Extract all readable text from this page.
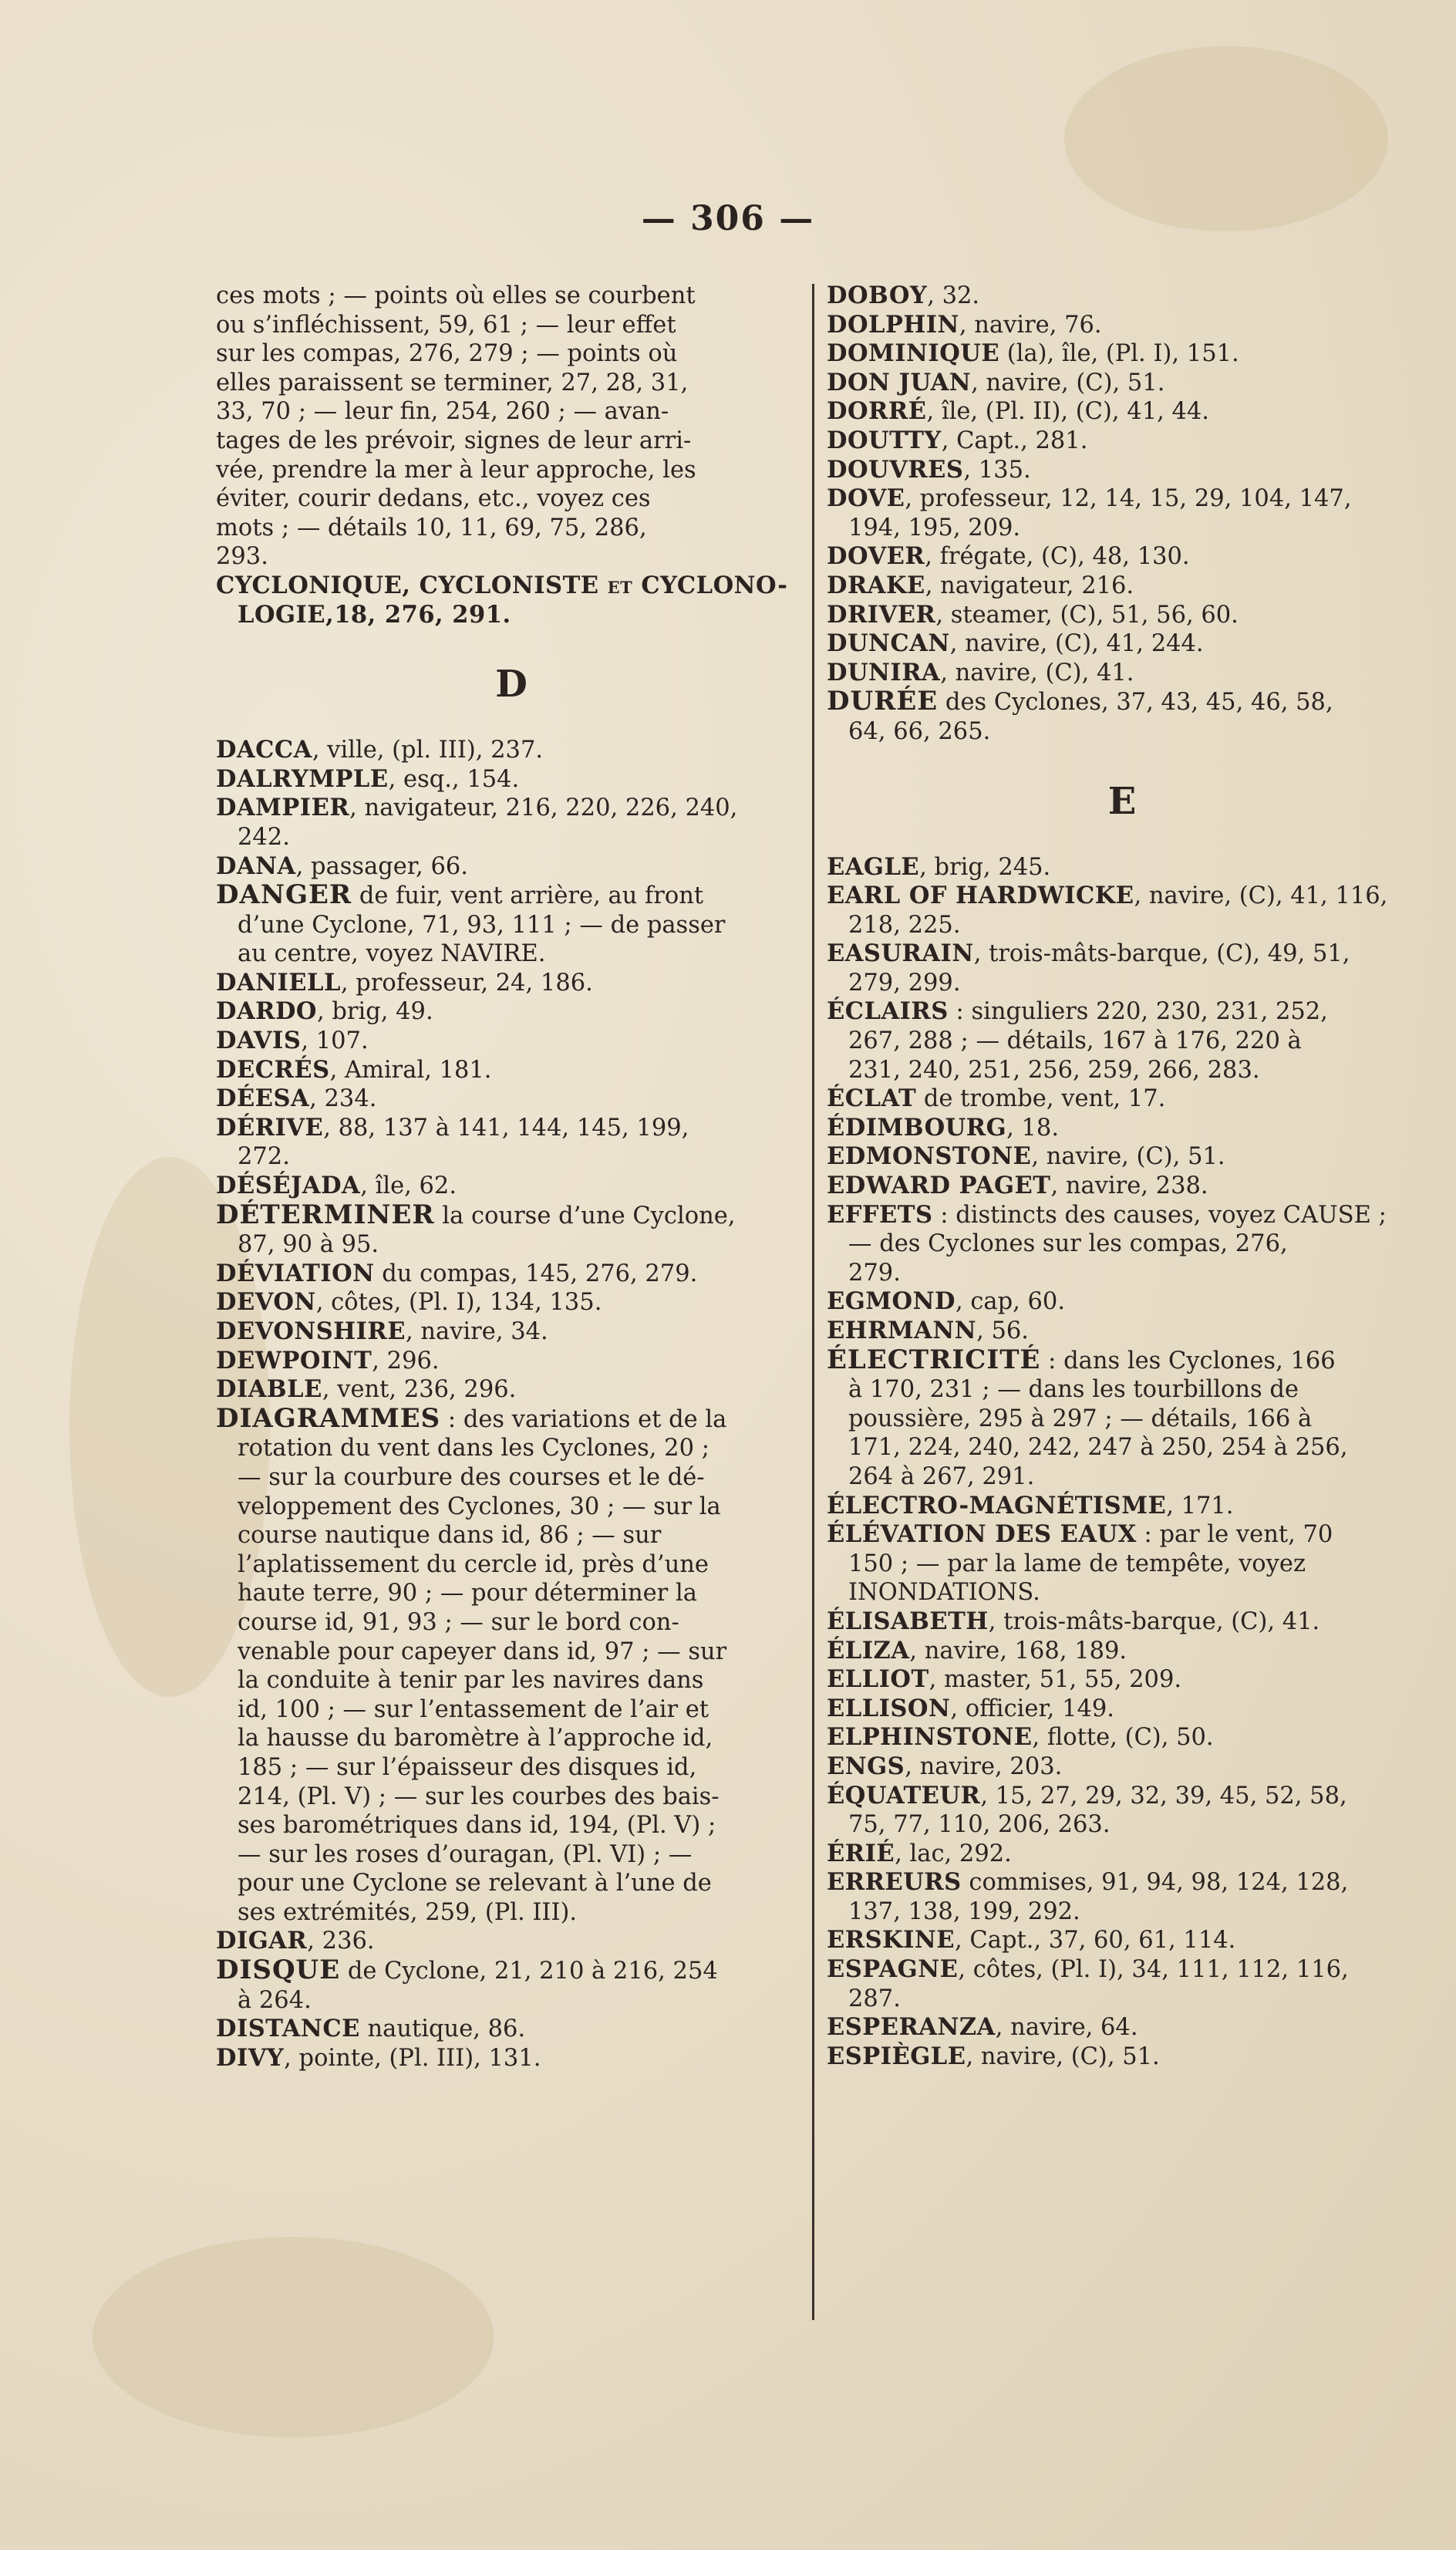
— 306 —

ces mots ; — points où elles se courbent

ou s’infléchissent, 59, 61 ; — leur effet

sur les compas, 276, 279 ; — points où

elles paraissent se terminer, 27, 28, 31,

33, 70 ; — leur fin, 254, 260 ; — avan-

tages de les prévoir, signes de leur arri-

vée, prendre la mer à leur approche, les

éviter, courir dedans, etc., voyez ces

mots ; — détails 10, 11, 69, 75, 286,

293.

CYCLONIQUE, CYCLONISTE et CYCLONO-

LOGIE,18, 276, 291.

D

DACCA, ville, (pl. III), 237.

DALRYMPLE, esq., 154.

DAMPIER, navigateur, 216, 220, 226, 240,

242.

DANA, passager, 66.

DANGER de fuir, vent arrière, au front

d’une Cyclone, 71, 93, 111 ; — de passer

au centre, voyez NAVIRE.

DANIELL, professeur, 24, 186.

DARDO, brig, 49.

DAVIS, 107.

DECRÉS, Amiral, 181.

DÉESA, 234.

DÉRIVE, 88, 137 à 141, 144, 145, 199,

272.

DÉSÉJADA, île, 62.

DÉTERMINER la course d’une Cyclone,

87, 90 à 95.

DÉVIATION du compas, 145, 276, 279.

DEVON, côtes, (Pl. I), 134, 135.

DEVONSHIRE, navire, 34.

DEWPOINT, 296.

DIABLE, vent, 236, 296.

DIAGRAMMES : des variations et de la

rotation du vent dans les Cyclones, 20 ;

— sur la courbure des courses et le dé-

veloppement des Cyclones, 30 ; — sur la

course nautique dans id, 86 ; — sur

l’aplatissement du cercle id, près d’une

haute terre, 90 ; — pour déterminer la

course id, 91, 93 ; — sur le bord con-

venable pour capeyer dans id, 97 ; — sur

la conduite à tenir par les navires dans

id, 100 ; — sur l’entassement de l’air et

la hausse du baromètre à l’approche id,

185 ; — sur l’épaisseur des disques id,

214, (Pl. V) ; — sur les courbes des bais-

ses barométriques dans id, 194, (Pl. V) ;

— sur les roses d’ouragan, (Pl. VI) ; —

pour une Cyclone se relevant à l’une de

ses extrémités, 259, (Pl. III).

DIGAR, 236.

DISQUE de Cyclone, 21, 210 à 216, 254

à 264.

DISTANCE nautique, 86.

DIVY, pointe, (Pl. III), 131.

DOBOY, 32.

DOLPHIN, navire, 76.

DOMINIQUE (la), île, (Pl. I), 151.

DON JUAN, navire, (C), 51.

DORRÉ, île, (Pl. II), (C), 41, 44.

DOUTTY, Capt., 281.

DOUVRES, 135.

DOVE, professeur, 12, 14, 15, 29, 104, 147,

194, 195, 209.

DOVER, frégate, (C), 48, 130.

DRAKE, navigateur, 216.

DRIVER, steamer, (C), 51, 56, 60.

DUNCAN, navire, (C), 41, 244.

DUNIRA, navire, (C), 41.

DURÉE des Cyclones, 37, 43, 45, 46, 58,

64, 66, 265.

E

EAGLE, brig, 245.

EARL OF HARDWICKE, navire, (C), 41, 116,

218, 225.

EASURAIN, trois-mâts-barque, (C), 49, 51,

279, 299.

ÉCLAIRS : singuliers 220, 230, 231, 252,

267, 288 ; — détails, 167 à 176, 220 à

231, 240, 251, 256, 259, 266, 283.

ÉCLAT de trombe, vent, 17.

ÉDIMBOURG, 18.

EDMONSTONE, navire, (C), 51.

EDWARD PAGET, navire, 238.

EFFETS : distincts des causes, voyez CAUSE ;

— des Cyclones sur les compas, 276,

279.

EGMOND, cap, 60.

EHRMANN, 56.

ÉLECTRICITÉ : dans les Cyclones, 166

à 170, 231 ; — dans les tourbillons de

poussière, 295 à 297 ; — détails, 166 à

171, 224, 240, 242, 247 à 250, 254 à 256,

264 à 267, 291.

ÉLECTRO-MAGNÉTISME, 171.

ÉLÉVATION DES EAUX : par le vent, 70

150 ; — par la lame de tempête, voyez

INONDATIONS.

ÉLISABETH, trois-mâts-barque, (C), 41.

ÉLIZA, navire, 168, 189.

ELLIOT, master, 51, 55, 209.

ELLISON, officier, 149.

ELPHINSTONE, flotte, (C), 50.

ENGS, navire, 203.

ÉQUATEUR, 15, 27, 29, 32, 39, 45, 52, 58,

75, 77, 110, 206, 263.

ÉRIÉ, lac, 292.

ERREURS commises, 91, 94, 98, 124, 128,

137, 138, 199, 292.

ERSKINE, Capt., 37, 60, 61, 114.

ESPAGNE, côtes, (Pl. I), 34, 111, 112, 116,

287.

ESPERANZA, navire, 64.

ESPIÈGLE, navire, (C), 51.
